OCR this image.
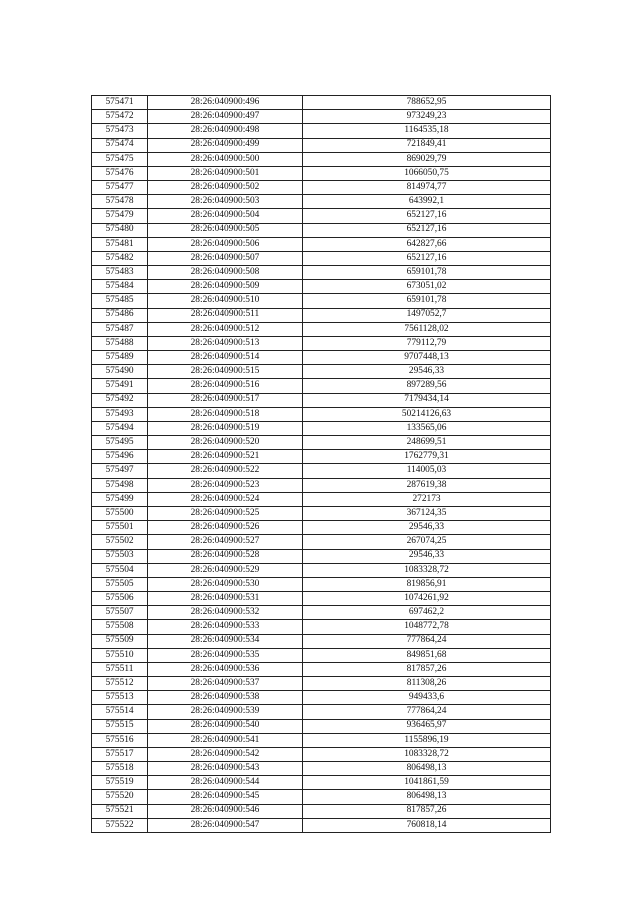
575471	28:26:040900:496	788652,95
575472	28:26:040900:497	973249,23
575473	28:26:040900:498	1164535,18
575474	28:26:040900:499	721849,41
575475	28:26:040900:500	869029,79
575476	28:26:040900:501	1066050,75
575477	28:26:040900:502	814974,77
575478	28:26:040900:503	643992,1
575479	28:26:040900:504	652127,16
575480	28:26:040900:505	652127,16
575481	28:26:040900:506	642827,66
575482	28:26:040900:507	652127,16
575483	28:26:040900:508	659101,78
575484	28:26:040900:509	673051,02
575485	28:26:040900:510	659101,78
575486	28:26:040900:511	1497052,7
575487	28:26:040900:512	7561128,02
575488	28:26:040900:513	779112,79
575489	28:26:040900:514	9707448,13
575490	28:26:040900:515	29546,33
575491	28:26:040900:516	897289,56
575492	28:26:040900:517	7179434,14
575493	28:26:040900:518	50214126,63
575494	28:26:040900:519	133565,06
575495	28:26:040900:520	248699,51
575496	28:26:040900:521	1762779,31
575497	28:26:040900:522	114005,03
575498	28:26:040900:523	287619,38
575499	28:26:040900:524	272173
575500	28:26:040900:525	367124,35
575501	28:26:040900:526	29546,33
575502	28:26:040900:527	267074,25
575503	28:26:040900:528	29546,33
575504	28:26:040900:529	1083328,72
575505	28:26:040900:530	819856,91
575506	28:26:040900:531	1074261,92
575507	28:26:040900:532	697462,2
575508	28:26:040900:533	1048772,78
575509	28:26:040900:534	777864,24
575510	28:26:040900:535	849851,68
575511	28:26:040900:536	817857,26
575512	28:26:040900:537	811308,26
575513	28:26:040900:538	949433,6
575514	28:26:040900:539	777864,24
575515	28:26:040900:540	936465,97
575516	28:26:040900:541	1155896,19
575517	28:26:040900:542	1083328,72
575518	28:26:040900:543	806498,13
575519	28:26:040900:544	1041861,59
575520	28:26:040900:545	806498,13
575521	28:26:040900:546	817857,26
575522	28:26:040900:547	760818,14
